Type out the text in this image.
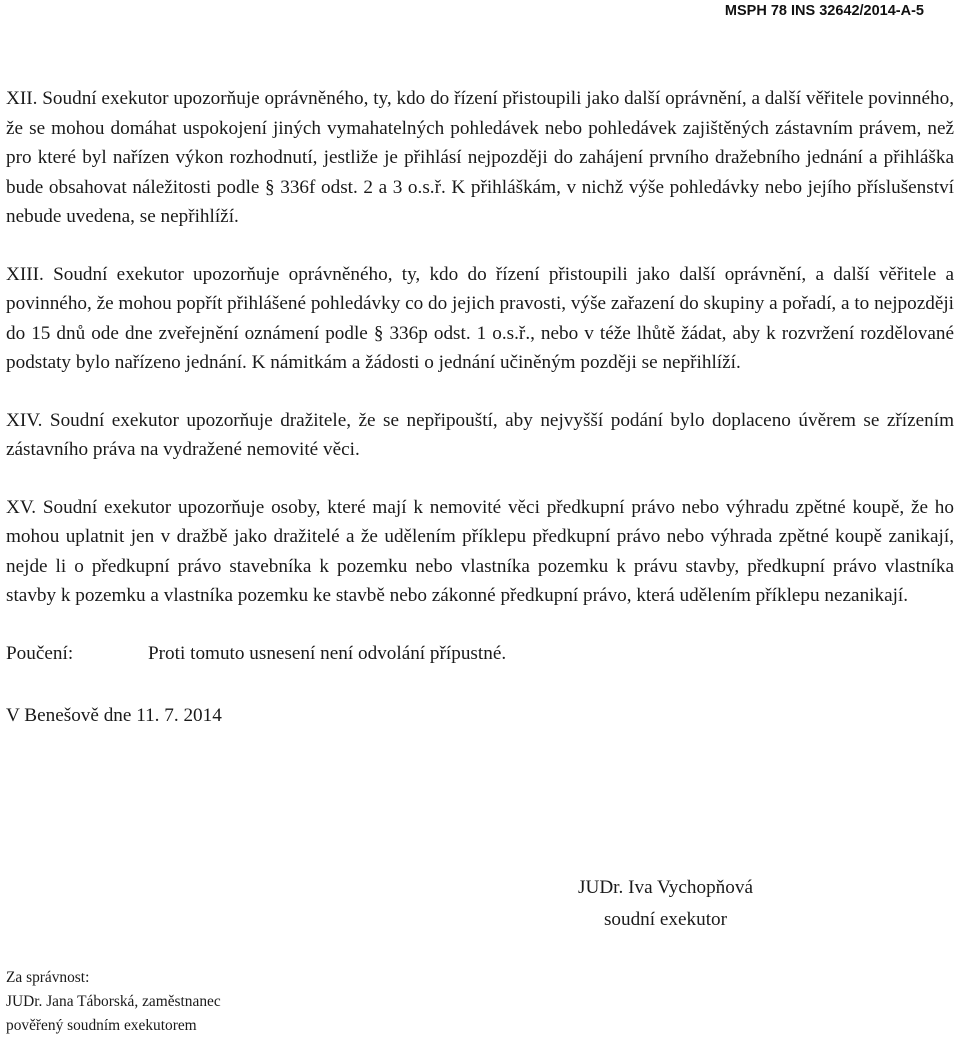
MSPH 78 INS 32642/2014-A-5

XII. Soudní exekutor upozorňuje oprávněného, ty, kdo do řízení přistoupili jako další oprávnění, a další věřitele povinného, že se mohou domáhat uspokojení jiných vymahatelných pohledávek nebo pohledávek zajištěných zástavním právem, než pro které byl nařízen výkon rozhodnutí, jestliže je přihlásí nejpozději do zahájení prvního dražebního jednání a přihláška bude obsahovat náležitosti podle § 336f odst. 2 a 3 o.s.ř. K přihláškám, v nichž výše pohledávky nebo jejího příslušenství nebude uvedena, se nepřihlíží.

XIII. Soudní exekutor upozorňuje oprávněného, ty, kdo do řízení přistoupili jako další oprávnění, a další věřitele a povinného, že mohou popřít přihlášené pohledávky co do jejich pravosti, výše zařazení do skupiny a pořadí, a to nejpozději do 15 dnů ode dne zveřejnění oznámení podle § 336p odst. 1 o.s.ř., nebo v téže lhůtě žádat, aby k rozvržení rozdělované podstaty bylo nařízeno jednání. K námitkám a žádosti o jednání učiněným později se nepřihlíží.

XIV. Soudní exekutor upozorňuje dražitele, že se nepřipouští, aby nejvyšší podání bylo doplaceno úvěrem se zřízením zástavního práva na vydražené nemovité věci.

XV. Soudní exekutor upozorňuje osoby, které mají k nemovité věci předkupní právo nebo výhradu zpětné koupě, že ho mohou uplatnit jen v dražbě jako dražitelé a že udělením příklepu předkupní právo nebo výhrada zpětné koupě zanikají, nejde li o předkupní právo stavebníka k pozemku nebo vlastníka pozemku k právu stavby, předkupní právo vlastníka stavby k pozemku a vlastníka pozemku ke stavbě nebo zákonné předkupní právo, která udělením příklepu nezanikají.

Poučení:	Proti tomuto usnesení není odvolání přípustné.
V Benešově dne 11. 7. 2014
JUDr. Iva Vychopňová
soudní exekutor
Za správnost:
JUDr. Jana Táborská, zaměstnanec
pověřený soudním exekutorem
